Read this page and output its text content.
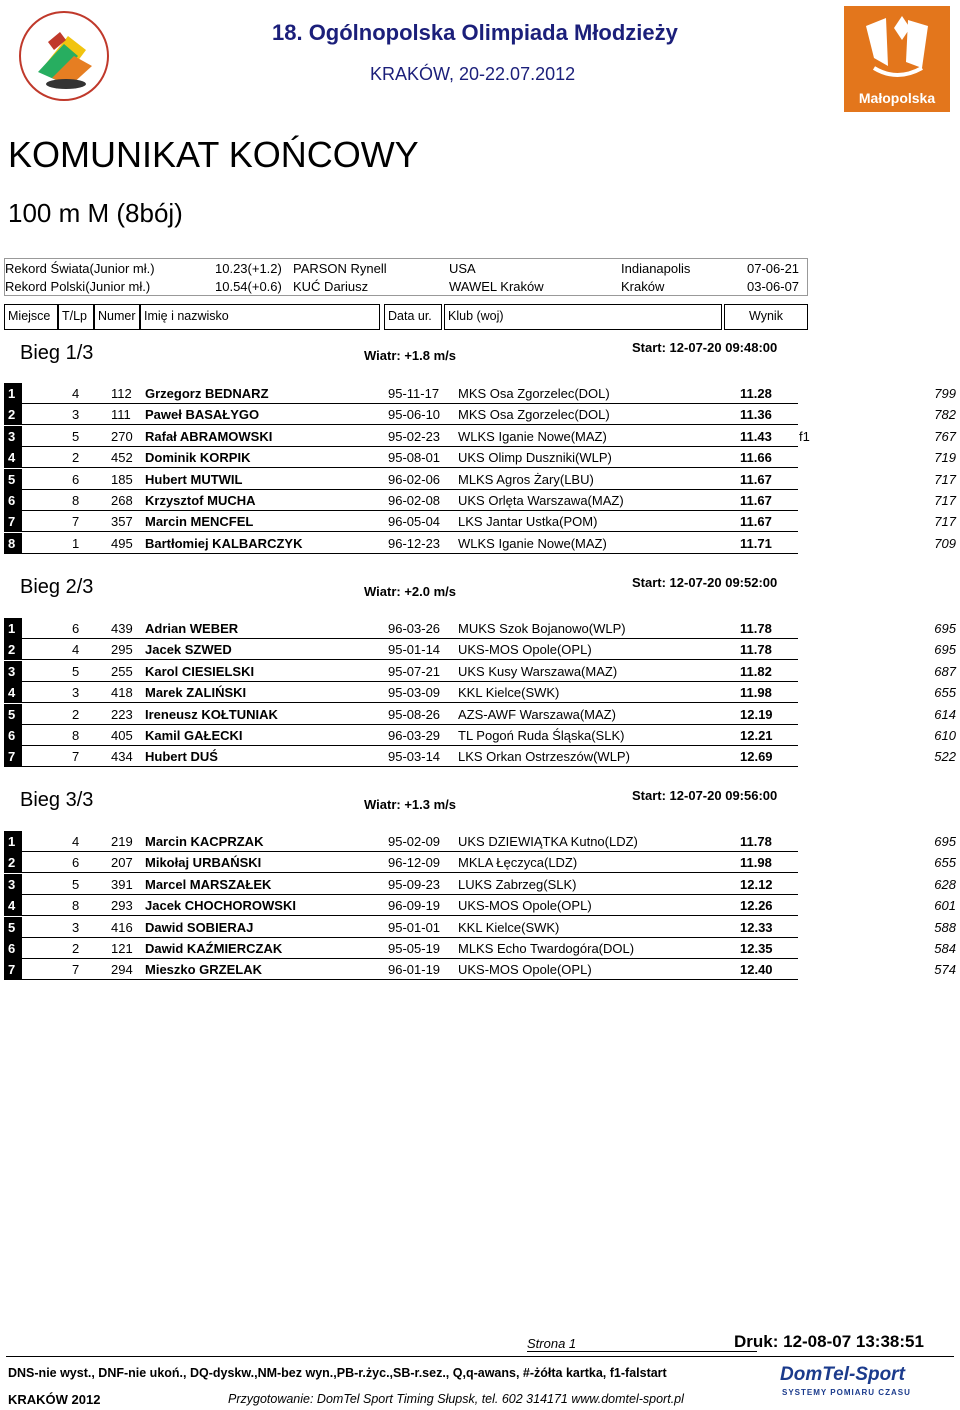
Małopolska
18. Ogólnopolska Olimpiada Młodzieży
KRAKÓW, 20-22.07.2012
KOMUNIKAT KOŃCOWY
100 m M (8bój)
Rekord Świata(Junior mł.)	10.23(+1.2) PARSON Rynell	USA	Indianapolis	07-06-21
Rekord Polski(Junior mł.)	10.54(+0.6) KUĆ Dariusz	WAWEL Kraków	Kraków	03-06-07
Miejsce T/Lp Numer Imię i nazwisko	Data ur.	Klub (woj)	Wynik
Bieg 1/3	Wiatr: +1.8 m/s
Start: 12-07-20 09:48:00
1	4 112 Grzegorz BEDNARZ	95-11-17 MKS Osa Zgorzelec(DOL)	11.28	799
2	3 111 Paweł BASAŁYGO	95-06-10 MKS Osa Zgorzelec(DOL)	11.36	782
3	5 270 Rafał ABRAMOWSKI	95-02-23 WLKS Iganie Nowe(MAZ)	11.43 f1	767
4	2 452 Dominik KORPIK	95-08-01 UKS Olimp Duszniki(WLP)	11.66	719
5	6 185 Hubert MUTWIL	96-02-06 MLKS Agros Żary(LBU)	11.67	717
6	8 268 Krzysztof MUCHA	96-02-08 UKS Orlęta Warszawa(MAZ)	11.67	717
7	7 357 Marcin MENCFEL	96-05-04 LKS Jantar Ustka(POM)	11.67	717
8	1 495 Bartłomiej KALBARCZYK	96-12-23 WLKS Iganie Nowe(MAZ)	11.71	709
Bieg 2/3	Wiatr: +2.0 m/s
Start: 12-07-20 09:52:00
1	6 439 Adrian WEBER	96-03-26 MUKS Szok Bojanowo(WLP)	11.78	695
2	4 295 Jacek SZWED	95-01-14 UKS-MOS Opole(OPL)	11.78	695
3	5 255 Karol CIESIELSKI	95-07-21 UKS Kusy Warszawa(MAZ)	11.82	687
4	3 418 Marek ZALIŃSKI	95-03-09 KKL Kielce(SWK)	11.98	655
5	2 223 Ireneusz KOŁTUNIAK	95-08-26 AZS-AWF Warszawa(MAZ)	12.19	614
6	8 405 Kamil GAŁECKI	96-03-29 TL Pogoń Ruda Śląska(SLK)	12.21	610
7	7 434 Hubert DUŚ	95-03-14 LKS Orkan Ostrzeszów(WLP)	12.69	522
Bieg 3/3	Wiatr: +1.3 m/s
Start: 12-07-20 09:56:00
1	4 219 Marcin KACPRZAK	95-02-09 UKS DZIEWIĄTKA Kutno(LDZ)	11.78	695
2	6 207 Mikołaj URBAŃSKI	96-12-09 MKLA Łęczyca(LDZ)	11.98	655
3	5 391 Marcel MARSZAŁEK	95-09-23 LUKS Zabrzeg(SLK)	12.12	628
4	8 293 Jacek CHOCHOROWSKI	96-09-19 UKS-MOS Opole(OPL)	12.26	601
5	3 416 Dawid SOBIERAJ	95-01-01 KKL Kielce(SWK)	12.33	588
6	2 121 Dawid KAŹMIERCZAK	95-05-19 MLKS Echo Twardogóra(DOL)	12.35	584
7	7 294 Mieszko GRZELAK	96-01-19 UKS-MOS Opole(OPL)	12.40	574
Strona 1	Druk: 12-08-07 13:38:51
DNS-nie wyst., DNF-nie ukoń., DQ-dyskw.,NM-bez wyn.,PB-r.życ.,SB-r.sez., Q,q-awans, #-żółta kartka, f1-falstart
KRAKÓW 2012	Przygotowanie: DomTel Sport Timing Słupsk, tel. 602 314171 www.domtel-sport.pl
DomTel-Sport
SYSTEMY POMIARU CZASU
